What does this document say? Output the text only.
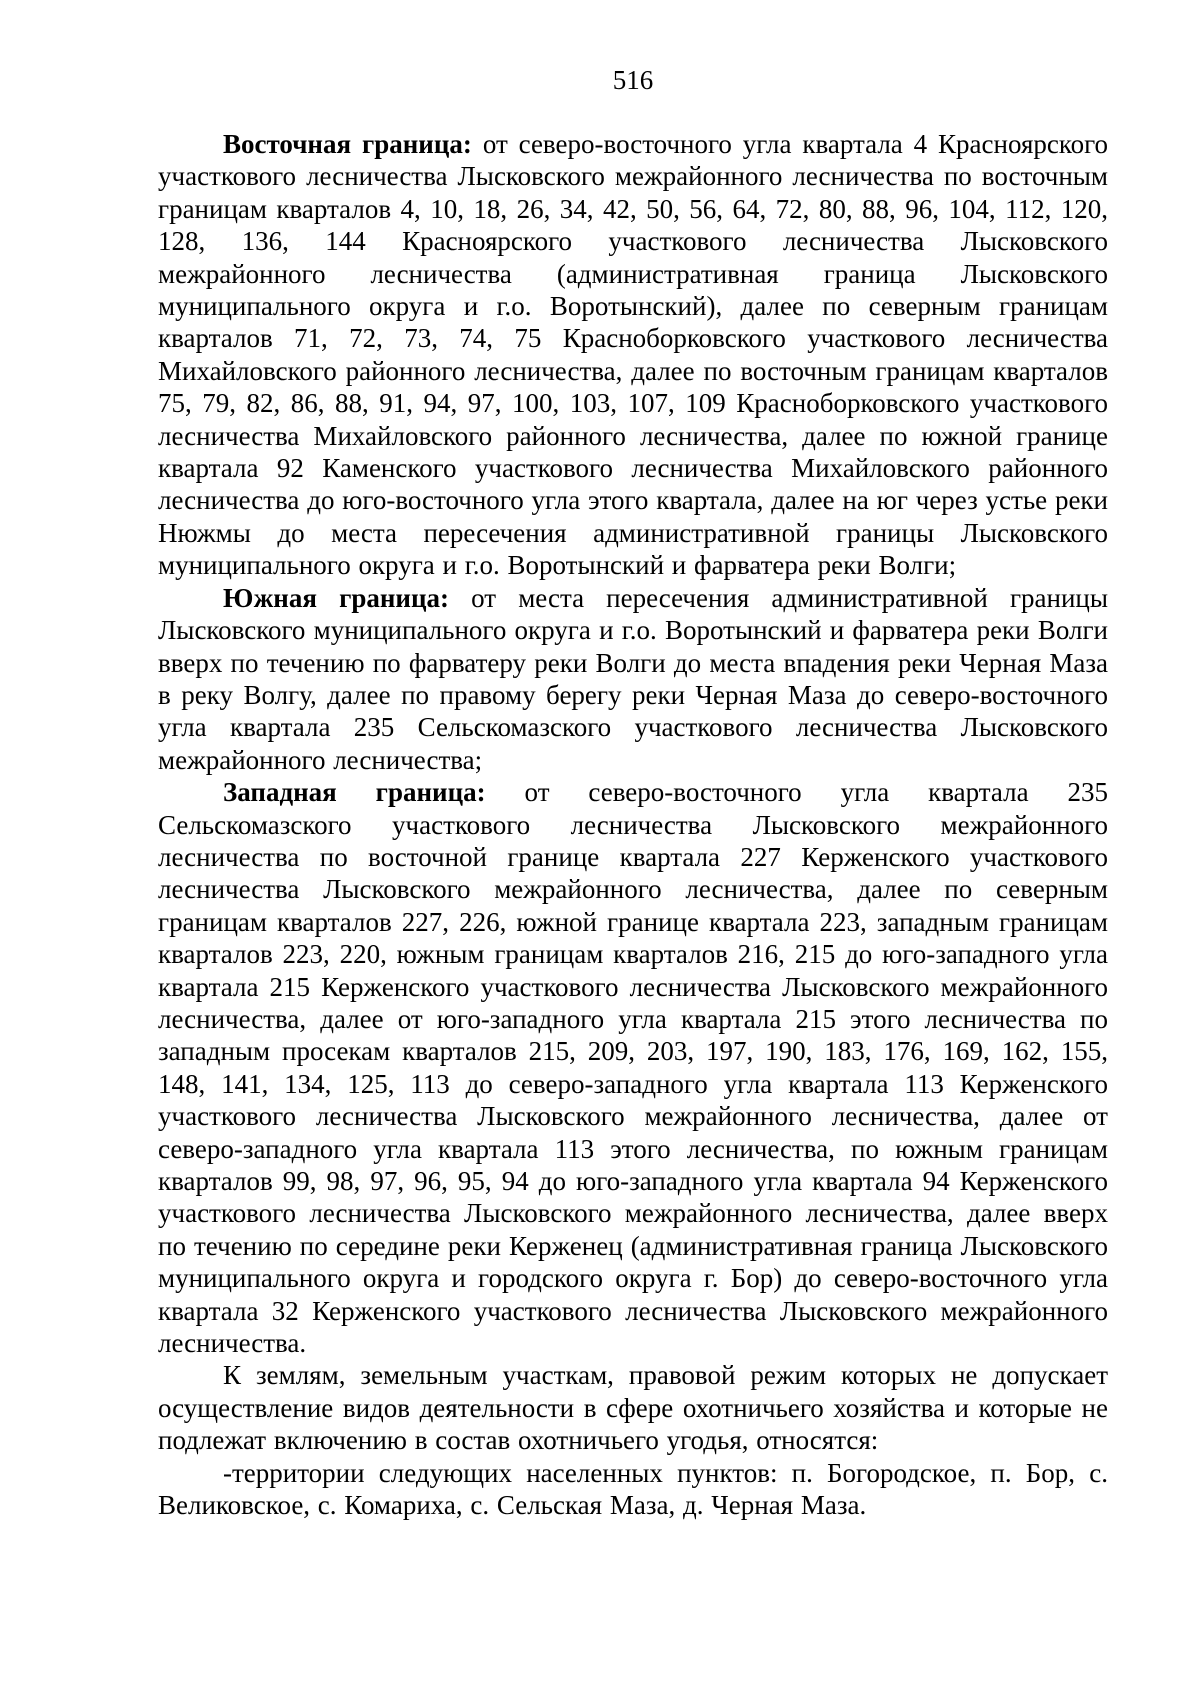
516

Восточная граница: от северо-восточного угла квартала 4 Красноярского участкового лесничества Лысковского межрайонного лесничества по восточным границам кварталов 4, 10, 18, 26, 34, 42, 50, 56, 64, 72, 80, 88, 96, 104, 112, 120, 128, 136, 144 Красноярского участкового лесничества Лысковского межрайонного лесничества (административная граница Лысковского муниципального округа и г.о. Воротынский), далее по северным границам кварталов 71, 72, 73, 74, 75 Красноборковского участкового лесничества Михайловского районного лесничества, далее по восточным границам кварталов 75, 79, 82, 86, 88, 91, 94, 97, 100, 103, 107, 109 Красноборковского участкового лесничества Михайловского районного лесничества, далее по южной границе квартала 92 Каменского участкового лесничества Михайловского районного лесничества до юго-восточного угла этого квартала, далее на юг через устье реки Нюжмы до места пересечения административной границы Лысковского муниципального округа и г.о. Воротынский и фарватера реки Волги;

Южная граница: от места пересечения административной границы Лысковского муниципального округа и г.о. Воротынский и фарватера реки Волги вверх по течению по фарватеру реки Волги до места впадения реки Черная Маза в реку Волгу, далее по правому берегу реки Черная Маза до северо-восточного угла квартала 235 Сельскомазского участкового лесничества Лысковского межрайонного лесничества;

Западная граница: от северо-восточного угла квартала 235 Сельскомазского участкового лесничества Лысковского межрайонного лесничества по восточной границе квартала 227 Керженского участкового лесничества Лысковского межрайонного лесничества, далее по северным границам кварталов 227, 226, южной границе квартала 223, западным границам кварталов 223, 220, южным границам кварталов 216, 215 до юго-западного угла квартала 215 Керженского участкового лесничества Лысковского межрайонного лесничества, далее от юго-западного угла квартала 215 этого лесничества по западным просекам кварталов 215, 209, 203, 197, 190, 183, 176, 169, 162, 155, 148, 141, 134, 125, 113 до северо-западного угла квартала 113 Керженского участкового лесничества Лысковского межрайонного лесничества, далее от северо-западного угла квартала 113 этого лесничества, по южным границам кварталов 99, 98, 97, 96, 95, 94 до юго-западного угла квартала 94 Керженского участкового лесничества Лысковского межрайонного лесничества, далее вверх по течению по середине реки Керженец (административная граница Лысковского муниципального округа и городского округа г. Бор) до северо-восточного угла квартала 32 Керженского участкового лесничества Лысковского межрайонного лесничества.

К землям, земельным участкам, правовой режим которых не допускает осуществление видов деятельности в сфере охотничьего хозяйства и которые не подлежат включению в состав охотничьего угодья, относятся:

-территории следующих населенных пунктов: п. Богородское, п. Бор, с. Великовское, с. Комариха, с. Сельская Маза, д. Черная Маза.
